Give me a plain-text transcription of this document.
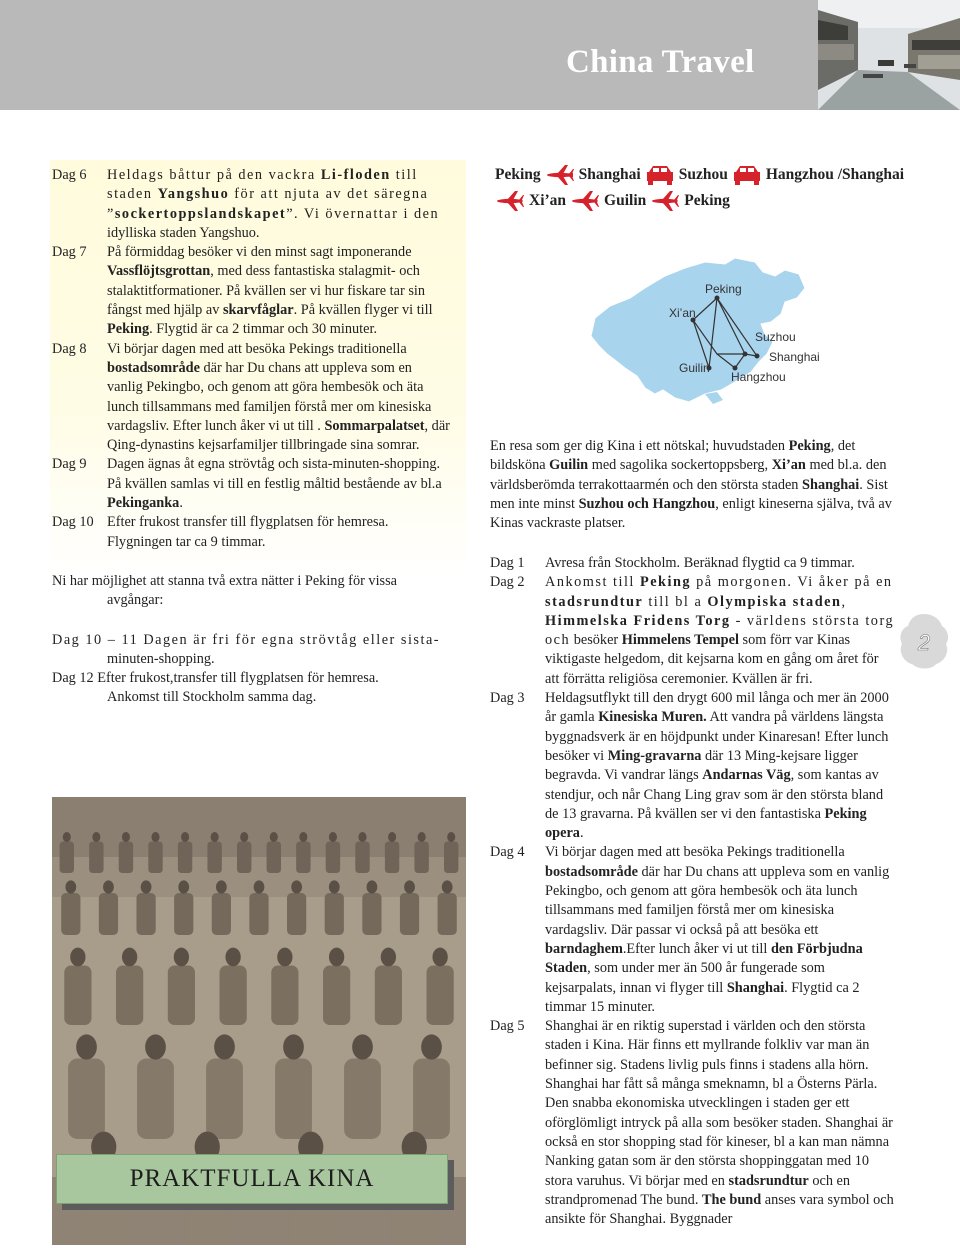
China Travel
Dag 6	Heldags båttur på den vackra Li-floden till staden Yangshuo för att njuta av det säregna ”sockertoppslandskapet”. Vi övernattar i den idylliska staden Yangshuo.
Dag 7	På förmiddag besöker vi den minst sagt imponerande Vassflöjtsgrottan, med dess fantastiska stalagmit- och stalaktitformationer. På kvällen ser vi hur fiskare tar sin fångst med hjälp av skarvfåglar. På kvällen flyger vi till Peking. Flygtid är ca 2 timmar och 30 minuter.
Dag 8	Vi börjar dagen med att besöka Pekings traditionella bostadsområde där har Du chans att uppleva som en vanlig Pekingbo, och genom att göra hembesök och äta lunch tillsammans med familjen förstå mer om kinesiska vardagsliv. Efter lunch åker vi ut till . Sommarpalatset, där Qing-dynastins kejsarfamiljer tillbringade sina somrar.
Dag 9	Dagen ägnas åt egna strövtåg och sista-minuten-shopping. På kvällen samlas vi till en festlig måltid bestående av bl.a Pekinganka.
Dag 10 Efter frukost transfer till flygplatsen för hemresa. Flygningen tar ca 9 timmar.
Ni har möjlighet att stanna två extra nätter i Peking för vissa
avgångar:
Dag 10 – 11 Dagen är fri för egna strövtåg eller sista-
minuten-shopping.
Dag 12 Efter frukost,transfer till flygplatsen för hemresa.
Ankomst till Stockholm samma dag.
Peking Shanghai Suzhou Hangzhou /Shanghai
Xi’an Guilin Peking
Peking
Xi’an
Suzhou
Shanghai
Guilin
Hangzhou
En resa som ger dig Kina i ett nötskal; huvudstaden Peking, det bildsköna Guilin med sagolika sockertoppsberg, Xi’an med bl.a. den världsberömda terrakottaarmén och den största staden Shanghai. Sist men inte minst Suzhou och Hangzhou, enligt kineserna själva, två av Kinas vackraste platser.
Dag 1	Avresa från Stockholm. Beräknad flygtid ca 9 timmar.
Dag 2	Ankomst till Peking på morgonen. Vi åker på en stadsrundtur till bl a Olympiska staden, Himmelska Fridens Torg - världens största torg och besöker Himmelens Tempel som förr var Kinas viktigaste helgedom, dit kejsarna kom en gång om året för att förrätta religiösa ceremonier. Kvällen är fri.
Dag 3	Heldagsutflykt till den drygt 600 mil långa och mer än 2000 år gamla Kinesiska Muren. Att vandra på världens längsta byggnadsverk är en höjdpunkt under Kinaresan! Efter lunch besöker vi Ming-gravarna där 13 Ming-kejsare ligger begravda. Vi vandrar längs Andarnas Väg, som kantas av stendjur, och når Chang Ling grav som är den största bland de 13 gravarna. På kvällen ser vi den fantastiska Peking opera.
Dag 4	Vi börjar dagen med att besöka Pekings traditionella bostadsområde där har Du chans att uppleva som en vanlig Pekingbo, och genom att göra hembesök och äta lunch tillsammans med familjen förstå mer om kinesiska vardagsliv. Där passar vi också på att besöka ett barndaghem.Efter lunch åker vi ut till den Förbjudna Staden, som under mer än 500 år fungerade som kejsarpalats, innan vi flyger till Shanghai. Flygtid ca 2 timmar 15 minuter.
Dag 5	Shanghai är en riktig superstad i världen och den största staden i Kina. Här finns ett myllrande folkliv var man än befinner sig. Stadens livlig puls finns i stadens alla hörn. Shanghai har fått så många smeknamn, bl a Österns Pärla. Den snabba ekonomiska utvecklingen i staden ger ett oförglömligt intryck på alla som besöker staden. Shanghai är också en stor shopping stad för kineser, bl a kan man nämna Nanking gatan som är den största shoppinggatan med 10 stora varuhus. Vi börjar med en stadsrundtur och en strandpromenad The bund. The bund anses vara symbol och ansikte för Shanghai. Byggnader
2
PRAKTFULLA KINA
